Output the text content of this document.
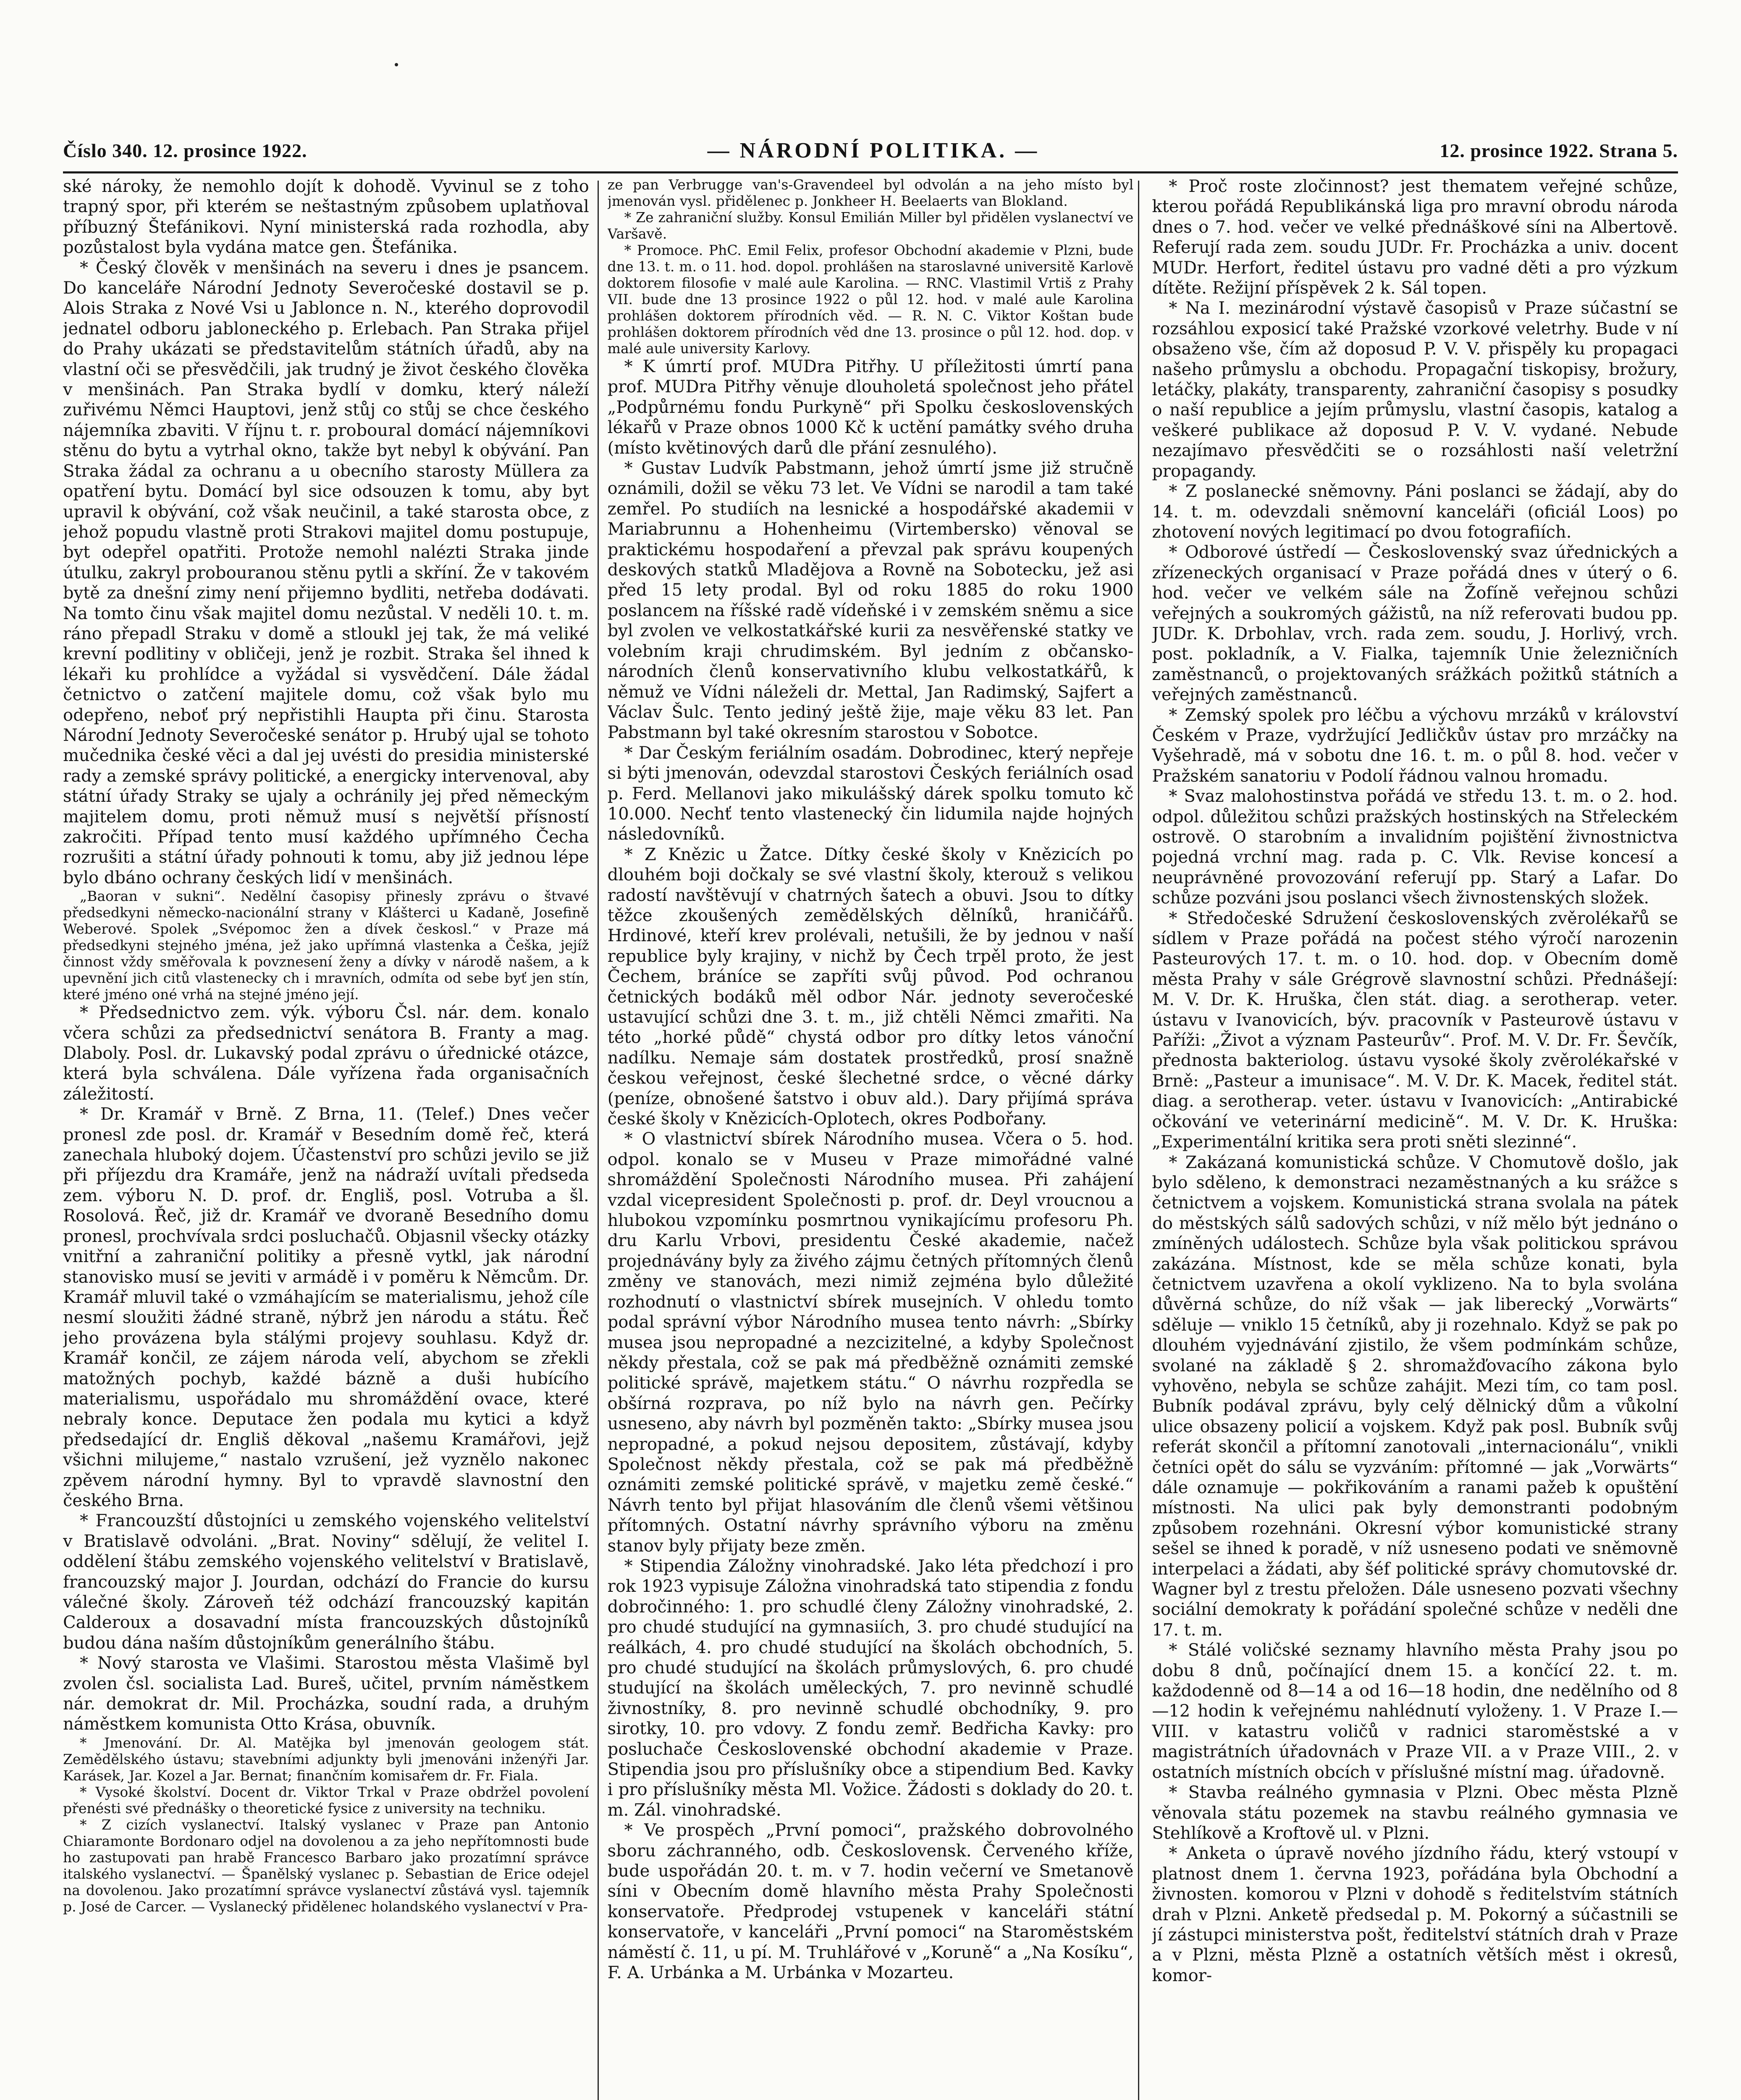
Číslo 340. 12. prosince 1922.	— NÁRODNÍ POLITIKA. —	12. prosince 1922. Strana 5.

ské nároky, že nemohlo dojít k dohodě. Vyvinul se z toho trapný spor, při kterém se neštastným způsobem uplatňoval příbuzný Štefánikovi. Nyní ministerská rada rozhodla, aby pozůstalost byla vydána matce gen. Štefánika.

* Český člověk v menšinách na severu i dnes je psancem. Do kanceláře Národní Jednoty Severočeské dostavil se p. Alois Straka z Nové Vsi u Jablonce n. N., kterého doprovodil jednatel odboru jabloneckého p. Erlebach. Pan Straka přijel do Prahy ukázati se představitelům státních úřadů, aby na vlastní oči se přesvědčili, jak trudný je život českého člověka v menšinách. Pan Straka bydlí v domku, který náleží zuřivému Němci Hauptovi, jenž stůj co stůj se chce českého nájemníka zbaviti. V říjnu t. r. proboural domácí nájemníkovi stěnu do bytu a vytrhal okno, takže byt nebyl k obývání. Pan Straka žádal za ochranu a u obecního starosty Müllera za opatření bytu. Domácí byl sice odsouzen k tomu, aby byt upravil k obývání, což však neučinil, a také starosta obce, z jehož popudu vlastně proti Strakovi majitel domu postupuje, byt odepřel opatřiti. Protože nemohl nalézti Straka jinde útulku, zakryl probouranou stěnu pytli a skříní. Že v takovém bytě za dnešní zimy není přijemno bydliti, netřeba dodávati. Na tomto činu však majitel domu nezůstal. V neděli 10. t. m. ráno přepadl Straku v domě a stloukl jej tak, že má veliké krevní podlitiny v obličeji, jenž je rozbit. Straka šel ihned k lékaři ku prohlídce a vyžádal si vysvědčení. Dále žádal četnictvo o zatčení majitele domu, což však bylo mu odepřeno, neboť prý nepřistihli Haupta při činu. Starosta Národní Jednoty Severočeské senátor p. Hrubý ujal se tohoto mučednika české věci a dal jej uvésti do presidia ministerské rady a zemské správy politické, a energicky intervenoval, aby státní úřady Straky se ujaly a ochránily jej před německým majitelem domu, proti němuž musí s největší přísností zakročiti. Případ tento musí každého upřímného Čecha rozrušiti a státní úřady pohnouti k tomu, aby již jednou lépe bylo dbáno ochrany českých lidí v menšinách.

„Baoran v sukni“. Nedělní časopisy přinesly zprávu o štvavé předsedkyni německo-nacionální strany v Klášterci u Kadaně, Josefině Weberové. Spolek „Svépomoc žen a dívek českosl.“ v Praze má předsedkyni stejného jména, jež jako upřímná vlastenka a Češka, jejíž činnost vždy směřovala k povznesení ženy a dívky v národě našem, a k upevnění jich citů vlastenecky ch i mravních, odmíta od sebe byť jen stín, které jméno oné vrhá na stejné jméno její.

* Předsednictvo zem. výk. výboru Čsl. nár. dem. konalo včera schůzi za předsednictví senátora B. Franty a mag. Dlaboly. Posl. dr. Lukavský podal zprávu o úřednické otázce, která byla schválena. Dále vyřízena řada organisačních záležitostí.

* Dr. Kramář v Brně. Z Brna, 11. (Telef.) Dnes večer pronesl zde posl. dr. Kramář v Besedním domě řeč, která zanechala hluboký dojem. Účastenství pro schůzi jevilo se již při příjezdu dra Kramáře, jenž na nádraží uvítali předseda zem. výboru N. D. prof. dr. Engliš, posl. Votruba a šl. Rosolová. Řeč, již dr. Kramář ve dvoraně Besedního domu pronesl, prochvívala srdci posluchačů. Objasnil všecky otázky vnitřní a zahraniční politiky a přesně vytkl, jak národní stanovisko musí se jeviti v armádě i v poměru k Němcům. Dr. Kramář mluvil také o vzmáhajícím se materialismu, jehož cíle nesmí sloužiti žádné straně, nýbrž jen národu a státu. Řeč jeho provázena byla stálými projevy souhlasu. Když dr. Kramář končil, ze zájem národa velí, abychom se zřekli matožných pochyb, každé bázně a duši hubícího materialismu, uspořádalo mu shromáždění ovace, které nebraly konce. Deputace žen podala mu kytici a když předsedající dr. Engliš děkoval „našemu Kramářovi, jejž všichni milujeme,“ nastalo vzrušení, jež vyznělo nakonec zpěvem národní hymny. Byl to vpravdě slavnostní den českého Brna.

* Francouzští důstojníci u zemského vojenského velitelství v Bratislavě odvoláni. „Brat. Noviny“ sdělují, že velitel I. oddělení štábu zemského vojenského velitelství v Bratislavě, francouzský major J. Jourdan, odchází do Francie do kursu válečné školy. Zároveň též odchází francouzský kapitán Calderoux a dosavadní místa francouzských důstojníků budou dána naším důstojníkům generálního štábu.

* Nový starosta ve Vlašimi. Starostou města Vlašimě byl zvolen čsl. socialista Lad. Bureš, učitel, prvním náměstkem nár. demokrat dr. Mil. Procházka, soudní rada, a druhým náměstkem komunista Otto Krása, obuvník.

* Jmenování. Dr. Al. Matějka byl jmenován geologem stát. Zemědělského ústavu; stavebními adjunkty byli jmenováni inženýři Jar. Karásek, Jar. Kozel a Jar. Bernat; finančním komisařem dr. Fr. Fiala.

* Vysoké školství. Docent dr. Viktor Trkal v Praze obdržel povolení přenésti své přednášky o theoretické fysice z university na techniku.

* Z cizích vyslanectví. Italský vyslanec v Praze pan Antonio Chiaramonte Bordonaro odjel na dovolenou a za jeho nepřítomnosti bude ho zastupovati pan hrabě Francesco Barbaro jako prozatímní správce italského vyslanectví. — Španělský vyslanec p. Sebastian de Erice odejel na dovolenou. Jako prozatímní správce vyslanectví zůstává vysl. tajemník p. José de Carcer. — Vyslanecký přidělenec holandského vyslanectví v Pra-

ze pan Verbrugge van's-Gravendeel byl odvolán a na jeho místo byl jmenován vysl. přidělenec p. Jonkheer H. Beelaerts van Blokland.

* Ze zahraniční služby. Konsul Emilián Miller byl přidělen vyslanectví ve Varšavě.

* Promoce. PhC. Emil Felix, profesor Obchodní akademie v Plzni, bude dne 13. t. m. o 11. hod. dopol. prohlášen na staroslavné universitě Karlově doktorem filosofie v malé aule Karolina. — RNC. Vlastimil Vrtiš z Prahy VII. bude dne 13 prosince 1922 o půl 12. hod. v malé aule Karolina prohlášen doktorem přírodních věd. — R. N. C. Viktor Koštan bude prohlášen doktorem přírodních věd dne 13. prosince o půl 12. hod. dop. v malé aule university Karlovy.

* K úmrtí prof. MUDra Pitřhy. U příležitosti úmrtí pana prof. MUDra Pitřhy věnuje dlouholetá společnost jeho přátel „Podpůrnému fondu Purkyně“ při Spolku československých lékařů v Praze obnos 1000 Kč k uctění památky svého druha (místo květinových darů dle přání zesnulého).

* Gustav Ludvík Pabstmann, jehož úmrtí jsme již stručně oznámili, dožil se věku 73 let. Ve Vídni se narodil a tam také zemřel. Po studiích na lesnické a hospodářské akademii v Mariabrunnu a Hohenheimu (Virtembersko) věnoval se praktickému hospodaření a převzal pak správu koupených deskových statků Mladějova a Rovně na Sobotecku, jež asi před 15 lety prodal. Byl od roku 1885 do roku 1900 poslancem na říšské radě vídeňské i v zemském sněmu a sice byl zvolen ve velkostatkářské kurii za nesvěřenské statky ve volebním kraji chrudimském. Byl jedním z občansko-národních členů konservativního klubu velkostatkářů, k němuž ve Vídni náleželi dr. Mettal, Jan Radimský, Sajfert a Václav Šulc. Tento jediný ještě žije, maje věku 83 let. Pan Pabstmann byl také okresním starostou v Sobotce.

* Dar Českým feriálním osadám. Dobrodinec, který nepřeje si býti jmenován, odevzdal starostovi Českých feriálních osad p. Ferd. Mellanovi jako mikulášský dárek spolku tomuto kč 10.000. Nechť tento vlastenecký čin lidumila najde hojných následovníků.

* Z Knězic u Žatce. Dítky české školy v Knězicích po dlouhém boji dočkaly se své vlastní školy, kterouž s velikou radostí navštěvují v chatrných šatech a obuvi. Jsou to dítky těžce zkoušených zemědělských dělníků, hraničářů. Hrdinové, kteří krev prolévali, netušili, že by jednou v naší republice byly krajiny, v nichž by Čech trpěl proto, že jest Čechem, bráníce se zapříti svůj původ. Pod ochranou četnických bodáků měl odbor Nár. jednoty severočeské ustavující schůzi dne 3. t. m., již chtěli Němci zmařiti. Na této „horké půdě“ chystá odbor pro dítky letos vánoční nadílku. Nemaje sám dostatek prostředků, prosí snažně českou veřejnost, české šlechetné srdce, o věcné dárky (peníze, obnošené šatstvo i obuv ald.). Dary přijímá správa české školy v Knězicích-Oplotech, okres Podbořany.

* O vlastnictví sbírek Národního musea. Včera o 5. hod. odpol. konalo se v Museu v Praze mimořádné valné shromáždění Společnosti Národního musea. Při zahájení vzdal vicepresident Společnosti p. prof. dr. Deyl vroucnou a hlubokou vzpomínku posmrtnou vynikajícímu profesoru Ph. dru Karlu Vrbovi, presidentu České akademie, načež projednávány byly za živého zájmu četných přítomných členů změny ve stanovách, mezi nimiž zejména bylo důležité rozhodnutí o vlastnictví sbírek musejních. V ohledu tomto podal správní výbor Národního musea tento návrh: „Sbírky musea jsou nepropadné a nezcizitelné, a kdyby Společnost někdy přestala, což se pak má předběžně oznámiti zemské politické správě, majetkem státu.“ O návrhu rozpředla se obšírná rozprava, po níž bylo na návrh gen. Pečírky usneseno, aby návrh byl pozměněn takto: „Sbírky musea jsou nepropadné, a pokud nejsou depositem, zůstávají, kdyby Společnost někdy přestala, což se pak má předběžně oznámiti zemské politické správě, v majetku země české.“ Návrh tento byl přijat hlasováním dle členů všemi většinou přítomných. Ostatní návrhy správního výboru na změnu stanov byly přijaty beze změn.

* Stipendia Záložny vinohradské. Jako léta předchozí i pro rok 1923 vypisuje Záložna vinohradská tato stipendia z fondu dobročinného: 1. pro schudlé členy Záložny vinohradské, 2. pro chudé studující na gymnasiích, 3. pro chudé studující na reálkách, 4. pro chudé studující na školách obchodních, 5. pro chudé studující na školách průmyslových, 6. pro chudé studující na školách uměleckých, 7. pro nevinně schudlé živnostníky, 8. pro nevinně schudlé obchodníky, 9. pro sirotky, 10. pro vdovy. Z fondu zemř. Bedřicha Kavky: pro posluchače Československé obchodní akademie v Praze. Stipendia jsou pro příslušníky obce a stipendium Bed. Kavky i pro příslušníky města Ml. Vožice. Žádosti s doklady do 20. t. m. Zál. vinohradské.

* Ve prospěch „První pomoci“, pražského dobrovolného sboru záchranného, odb. Československ. Červeného kříže, bude uspořádán 20. t. m. v 7. hodin večerní ve Smetanově síni v Obecním domě hlavního města Prahy Společnosti konservatoře. Předprodej vstupenek v kanceláři státní konservatoře, v kanceláři „První pomoci“ na Staroměstském náměstí č. 11, u pí. M. Truhlářové v „Koruně“ a „Na Kosíku“, F. A. Urbánka a M. Urbánka v Mozarteu.

* Proč roste zločinnost? jest thematem veřejné schůze, kterou pořádá Republikánská liga pro mravní obrodu národa dnes o 7. hod. večer ve velké přednáškové síni na Albertově. Referují rada zem. soudu JUDr. Fr. Procházka a univ. docent MUDr. Herfort, ředitel ústavu pro vadné děti a pro výzkum dítěte. Režijní příspěvek 2 k. Sál topen.

* Na I. mezinárodní výstavě časopisů v Praze súčastní se rozsáhlou exposicí také Pražské vzorkové veletrhy. Bude v ní obsaženo vše, čím až doposud P. V. V. přispěly ku propagaci našeho průmyslu a obchodu. Propagační tiskopisy, brožury, letáčky, plakáty, transparenty, zahraniční časopisy s posudky o naší republice a jejím průmyslu, vlastní časopis, katalog a veškeré publikace až doposud P. V. V. vydané. Nebude nezajímavo přesvědčiti se o rozsáhlosti naší veletržní propagandy.

* Z poslanecké sněmovny. Páni poslanci se žádají, aby do 14. t. m. odevzdali sněmovní kanceláři (oficiál Loos) po zhotovení nových legitimací po dvou fotografiích.

* Odborové ústředí — Československý svaz úřednických a zřízeneckých organisací v Praze pořádá dnes v úterý o 6. hod. večer ve velkém sále na Žofíně veřejnou schůzi veřejných a soukromých gážistů, na níž referovati budou pp. JUDr. K. Drbohlav, vrch. rada zem. soudu, J. Horlivý, vrch. post. pokladník, a V. Fialka, tajemník Unie železničních zaměstnanců, o projektovaných srážkách požitků státních a veřejných zaměstnanců.

* Zemský spolek pro léčbu a výchovu mrzáků v království Českém v Praze, vydržující Jedličkův ústav pro mrzáčky na Vyšehradě, má v sobotu dne 16. t. m. o půl 8. hod. večer v Pražském sanatoriu v Podolí řádnou valnou hromadu.

* Svaz malohostinstva pořádá ve středu 13. t. m. o 2. hod. odpol. důležitou schůzi pražských hostinských na Střeleckém ostrově. O starobním a invalidním pojištění živnostnictva pojedná vrchní mag. rada p. C. Vlk. Revise koncesí a neuprávněné provozování referují pp. Starý a Lafar. Do schůze pozváni jsou poslanci všech živnostenských složek.

* Středočeské Sdružení československých zvěrolékařů se sídlem v Praze pořádá na počest stého výročí narozenin Pasteurových 17. t. m. o 10. hod. dop. v Obecním domě města Prahy v sále Grégrově slavnostní schůzi. Přednášejí: M. V. Dr. K. Hruška, člen stát. diag. a serotherap. veter. ústavu v Ivanovicích, býv. pracovník v Pasteurově ústavu v Paříži: „Život a význam Pasteurův“. Prof. M. V. Dr. Fr. Ševčík, přednosta bakteriolog. ústavu vysoké školy zvěrolékařské v Brně: „Pasteur a imunisace“. M. V. Dr. K. Macek, ředitel stát. diag. a serotherap. veter. ústavu v Ivanovicích: „Antirabické očkování ve veterinární medicině“. M. V. Dr. K. Hruška: „Experimentální kritika sera proti sněti slezinné“.

* Zakázaná komunistická schůze. V Chomutově došlo, jak bylo sděleno, k demonstraci nezaměstnaných a ku srážce s četnictvem a vojskem. Komunistická strana svolala na pátek do městských sálů sadových schůzi, v níž mělo být jednáno o zmíněných událostech. Schůze byla však politickou správou zakázána. Místnost, kde se měla schůze konati, byla četnictvem uzavřena a okolí vyklizeno. Na to byla svolána důvěrná schůze, do níž však — jak liberecký „Vorwärts“ sděluje — vniklo 15 četníků, aby ji rozehnalo. Když se pak po dlouhém vyjednávání zjistilo, že všem podmínkám schůze, svolané na základě § 2. shromažďovacího zákona bylo vyhověno, nebyla se schůze zahájit. Mezi tím, co tam posl. Bubník podával zprávu, byly celý dělnický dům a vůkolní ulice obsazeny policií a vojskem. Když pak posl. Bubník svůj referát skončil a přítomní zanotovali „internacionálu“, vnikli četníci opět do sálu se vyzváním: přítomné — jak „Vorwärts“ dále oznamuje — pokřikováním a ranami pažeb k opuštění místnosti. Na ulici pak byly demonstranti podobným způsobem rozehnáni. Okresní výbor komunistické strany sešel se ihned k poradě, v níž usneseno podati ve sněmovně interpelaci a žádati, aby šéf politické správy chomutovské dr. Wagner byl z trestu přeložen. Dále usneseno pozvati všechny sociální demokraty k pořádání společné schůze v neděli dne 17. t. m.

* Stálé voličské seznamy hlavního města Prahy jsou po dobu 8 dnů, počínající dnem 15. a končící 22. t. m. každodenně od 8—14 a od 16—18 hodin, dne nedělního od 8—12 hodin k veřejnému nahlédnutí vyloženy. 1. V Praze I.—VIII. v katastru voličů v radnici staroměstské a v magistrátních úřadovnách v Praze VII. a v Praze VIII., 2. v ostatních místních obcích v příslušné místní mag. úřadovně.

* Stavba reálného gymnasia v Plzni. Obec města Plzně věnovala státu pozemek na stavbu reálného gymnasia ve Stehlíkově a Kroftově ul. v Plzni.

* Anketa o úpravě nového jízdního řádu, který vstoupí v platnost dnem 1. června 1923, pořádána byla Obchodní a živnosten. komorou v Plzni v dohodě s ředitelstvím státních drah v Plzni. Anketě předsedal p. M. Pokorný a súčastnili se jí zástupci ministerstva pošt, ředitelství státních drah v Praze a v Plzni, města Plzně a ostatních větších měst i okresů, komor-
